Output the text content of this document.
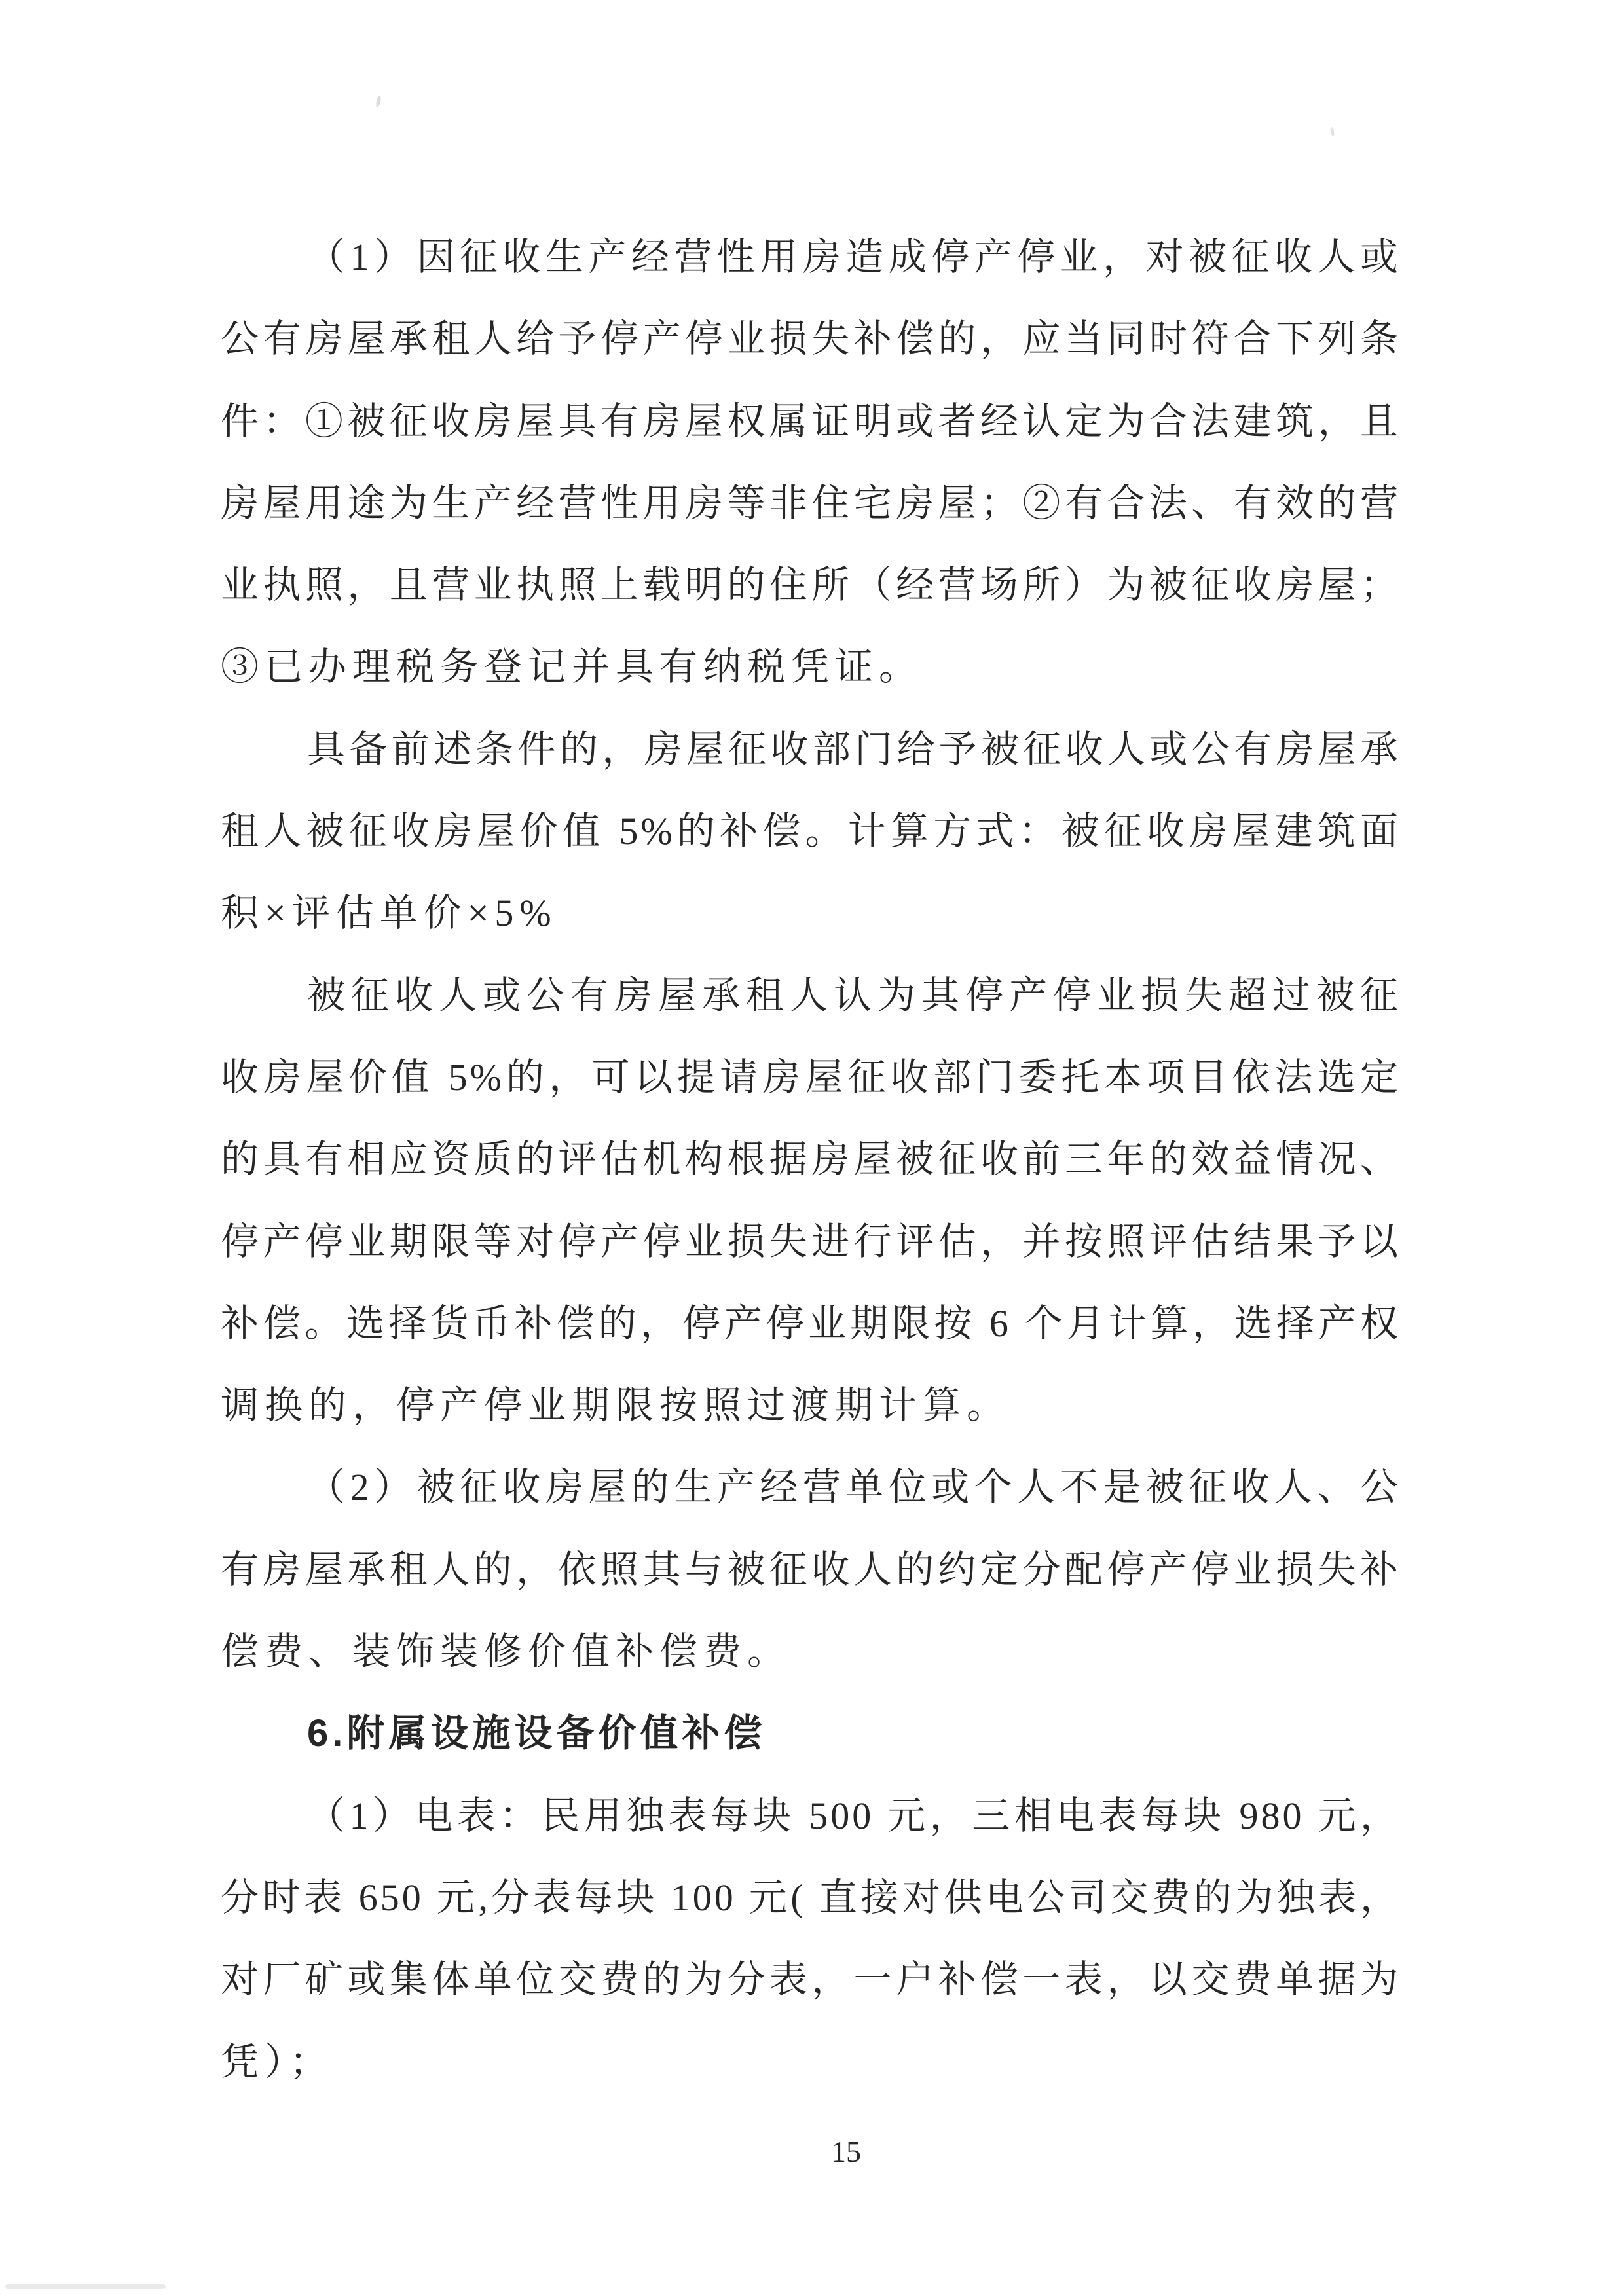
（1）因征收生产经营性用房造成停产停业，对被征收人或
公有房屋承租人给予停产停业损失补偿的，应当同时符合下列条
件：①被征收房屋具有房屋权属证明或者经认定为合法建筑，且
房屋用途为生产经营性用房等非住宅房屋；②有合法、有效的营
业执照，且营业执照上载明的住所（经营场所）为被征收房屋；
③已办理税务登记并具有纳税凭证。
具备前述条件的，房屋征收部门给予被征收人或公有房屋承
租人被征收房屋价值 5%的补偿。计算方式：被征收房屋建筑面
积×评估单价×5%
被征收人或公有房屋承租人认为其停产停业损失超过被征
收房屋价值 5%的，可以提请房屋征收部门委托本项目依法选定
的具有相应资质的评估机构根据房屋被征收前三年的效益情况、
停产停业期限等对停产停业损失进行评估，并按照评估结果予以
补偿。选择货币补偿的，停产停业期限按 6 个月计算，选择产权
调换的，停产停业期限按照过渡期计算。
（2）被征收房屋的生产经营单位或个人不是被征收人、公
有房屋承租人的，依照其与被征收人的约定分配停产停业损失补
偿费、装饰装修价值补偿费。
6.附属设施设备价值补偿
（1）电表：民用独表每块 500 元，三相电表每块 980 元，
分时表 650 元,分表每块 100 元( 直接对供电公司交费的为独表，
对厂矿或集体单位交费的为分表，一户补偿一表，以交费单据为
凭）；
15
